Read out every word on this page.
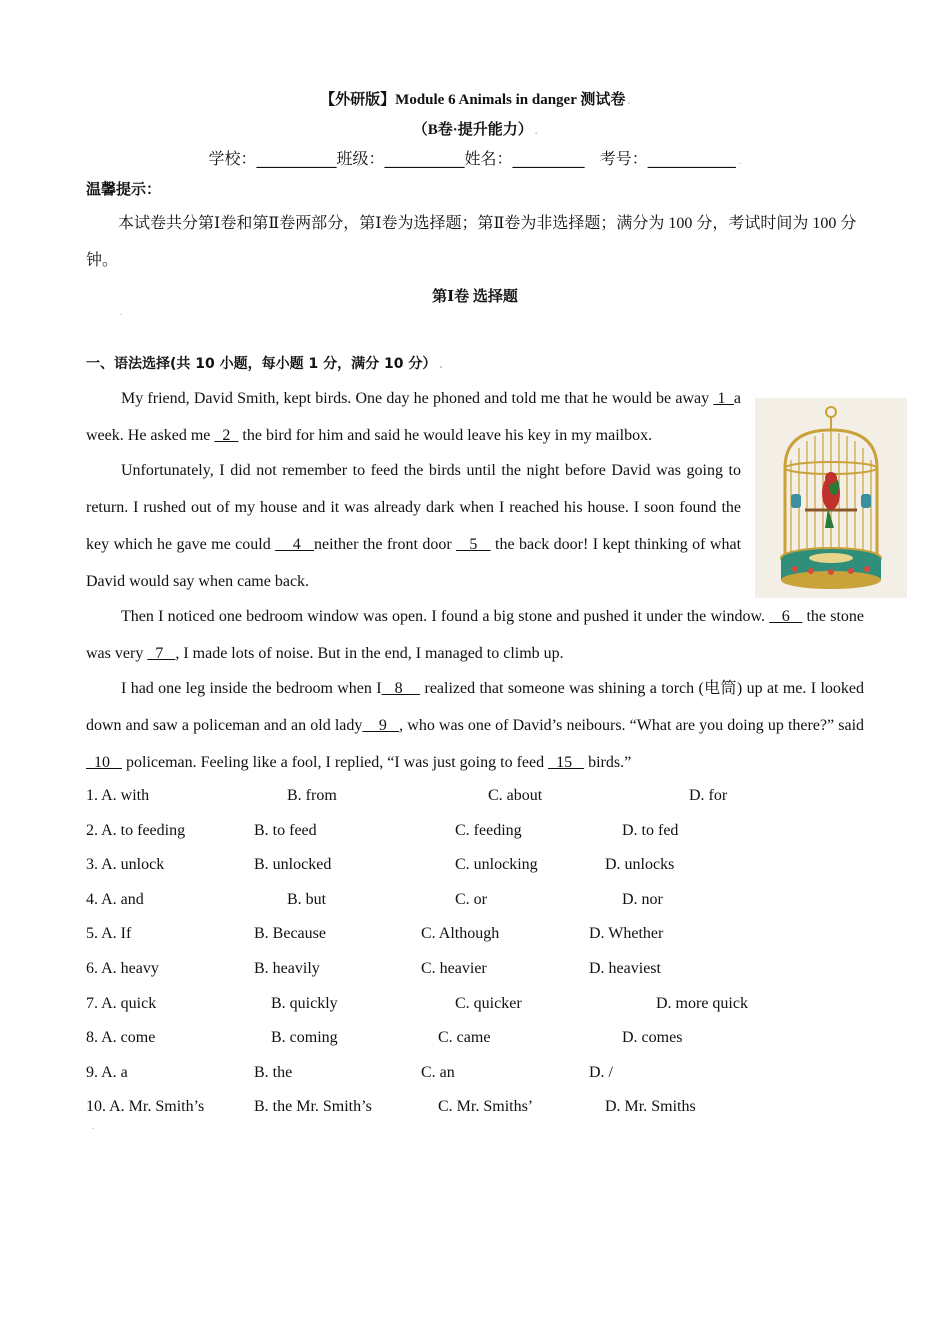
【外研版】Module 6 Animals in danger 测试卷 .
（B卷·提升能力） .
学校：__________班级：__________姓名：_________   考号：___________ .
温馨提示：
本试卷共分第Ⅰ卷和第Ⅱ卷两部分，第Ⅰ卷为选择题；第Ⅱ卷为非选择题；满分为 100 分，考试时间为 100 分钟。
第Ⅰ卷 选择题
.
一、语法选择(共 10 小题，每小题 1 分，满分 10 分） .
My friend, David Smith, kept birds. One day he phoned and told me that he would be away  1  a week. He asked me   2   the bird for him and said he would leave his key in my mailbox.
Unfortunately, I did not remember to feed the birds until the night before David was going to return. I rushed out of my house and it was already dark when I reached his house. I soon found the key which he gave me could     4   neither the front door    5    the back door! I kept thinking of what David would say when came back.
Then I noticed one bedroom window was open. I found a big stone and pushed it under the window.    6    the stone was very   7   , I made lots of noise. But in the end, I managed to climb up.
I had one leg inside the bedroom when I   8     realized that someone was shining a torch (电筒) up at me. I looked down and saw a policeman and an old lady    9   , who was one of David’s neibours. “What are you doing up there?” said   10    policeman. Feeling like a fool, I replied, “I was just going to feed   15    birds.”
1. A. with	B. from	C. about	D. for
2. A. to feeding	B. to feed	C. feeding	D. to fed
3. A. unlock	B. unlocked	C. unlocking	D. unlocks
4. A. and	B. but	C. or	D. nor
5. A. If	B. Because	C. Although	D. Whether
6. A. heavy	B. heavily	C. heavier	D. heaviest
7. A. quick	B. quickly	C. quicker	D. more quick
8. A. come	B. coming	C. came	D. comes
9. A. a	B. the	C. an	D. /
10. A. Mr. Smith’s	B. the Mr. Smith’s	C. Mr. Smiths’	D. Mr. Smiths
.
